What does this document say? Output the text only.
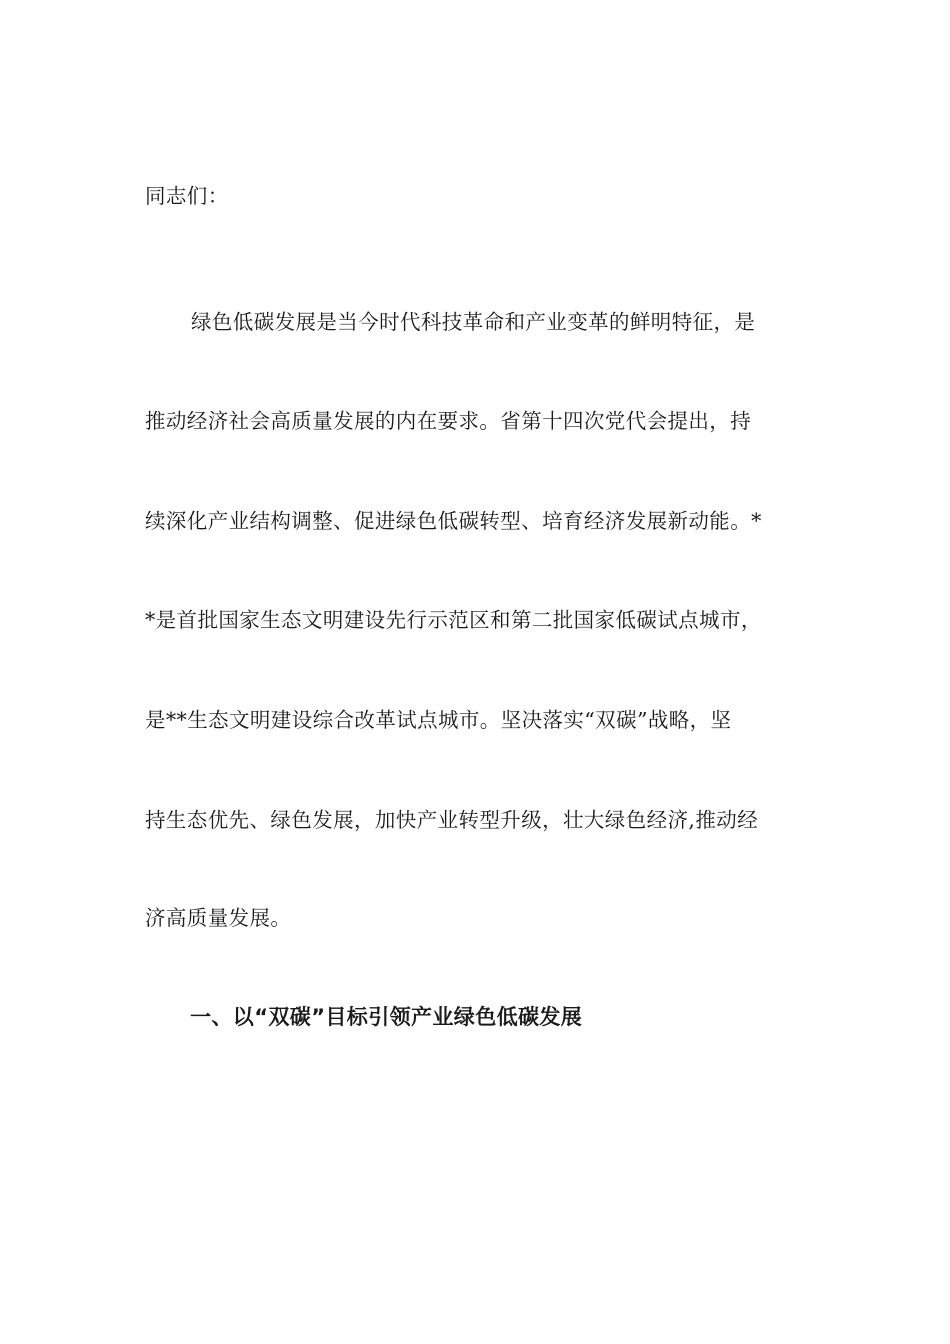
同志们：
绿色低碳发展是当今时代科技革命和产业变革的鲜明特征，是
推动经济社会高质量发展的内在要求。省第十四次党代会提出，持
续深化产业结构调整、促进绿色低碳转型、培育经济发展新动能。*
*是首批国家生态文明建设先行示范区和第二批国家低碳试点城市，
是**生态文明建设综合改革试点城市。坚决落实“双碳”战略，坚
持生态优先、绿色发展，加快产业转型升级，壮大绿色经济,推动经
济高质量发展。
一、以“双碳”目标引领产业绿色低碳发展
